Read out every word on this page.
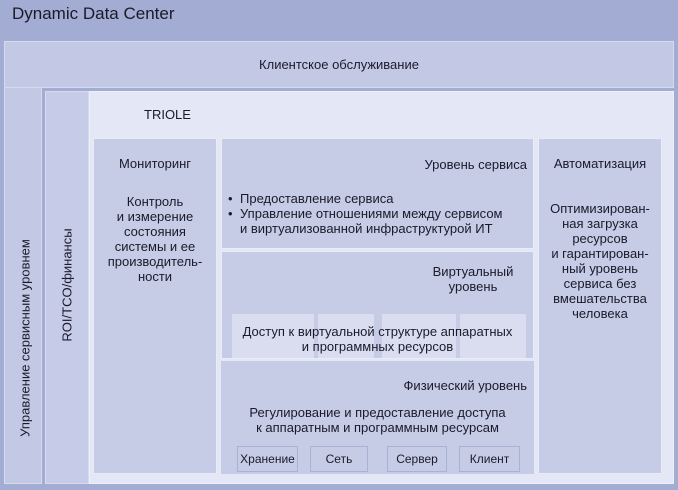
Dynamic Data Center
Управление сервисным уровнем
Клиентское обслуживание
ROI/TCO/финансы
TRIOLE
Мониторинг
Контроль
и измерение
состояния
системы и ее
производитель-
ности
Уровень сервиса
• Предоставление сервиса
• Управление отношениями между сервисом
и виртуализованной инфраструктурой ИТ
Виртуальный
уровень
Доступ к виртуальной структуре аппаратных
и программных ресурсов
Физический уровень
Регулирование и предоставление доступа
к аппаратным и программным ресурсам
Хранение	Сеть	Сервер	Клиент
Автоматизация
Оптимизирован-
ная загрузка
ресурсов
и гарантирован-
ный уровень
сервиса без
вмешательства
человека
